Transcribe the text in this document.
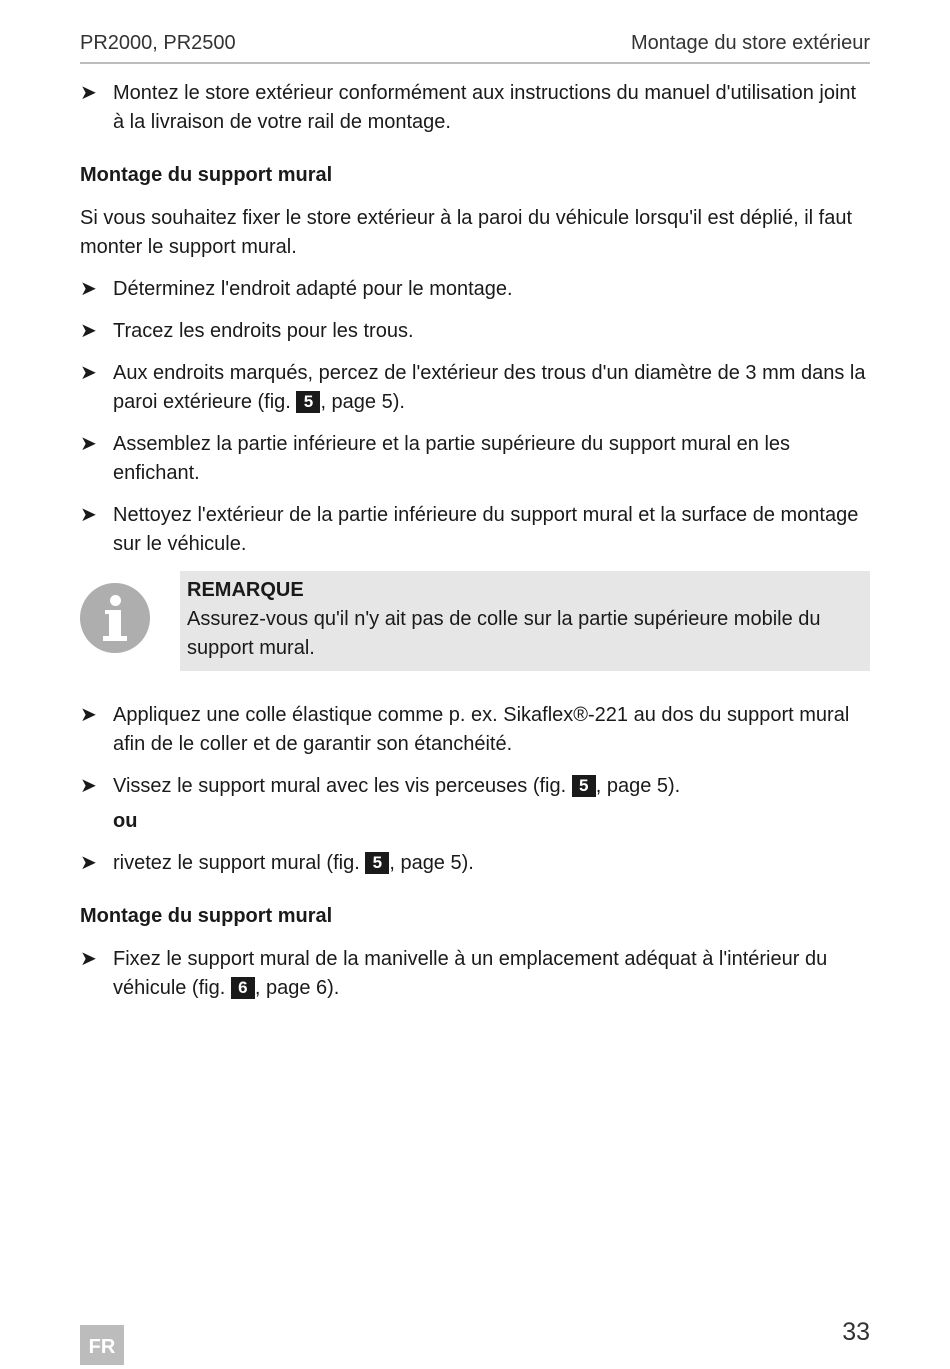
PR2000, PR2500	Montage du store extérieur
➤ Montez le store extérieur conformément aux instructions du manuel d'utilisation joint à la livraison de votre rail de montage.
Montage du support mural
Si vous souhaitez fixer le store extérieur à la paroi du véhicule lorsqu'il est déplié, il faut monter le support mural.
➤ Déterminez l'endroit adapté pour le montage.
➤ Tracez les endroits pour les trous.
➤ Aux endroits marqués, percez de l'extérieur des trous d'un diamètre de 3 mm dans la paroi extérieure (fig. 5 , page 5).
➤ Assemblez la partie inférieure et la partie supérieure du support mural en les enfichant.
➤ Nettoyez l'extérieur de la partie inférieure du support mural et la surface de montage sur le véhicule.
REMARQUE
Assurez-vous qu'il n'y ait pas de colle sur la partie supérieure mobile du support mural.
➤ Appliquez une colle élastique comme p. ex. Sikaflex®-221 au dos du support mural afin de le coller et de garantir son étanchéité.
➤ Vissez le support mural avec les vis perceuses (fig. 5 , page 5).
ou
➤ rivetez le support mural (fig. 5 , page 5).
Montage du support mural
➤ Fixez le support mural de la manivelle à un emplacement adéquat à l'intérieur du véhicule (fig. 6 , page 6).
FR
33
